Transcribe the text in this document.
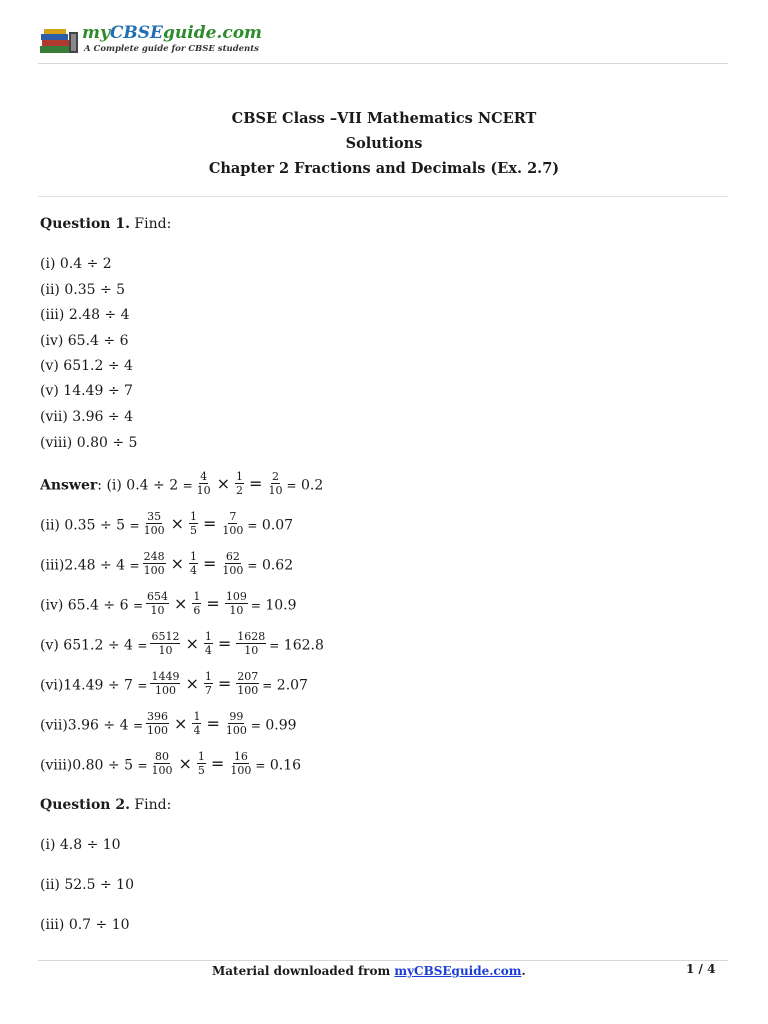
myCBSEguide.com
A Complete guide for CBSE students
CBSE Class –VII Mathematics NCERT
Solutions
Chapter 2 Fractions and Decimals (Ex. 2.7)
Question 1. Find:
(i) 0.4 ÷ 2
(ii) 0.35 ÷ 5
(iii) 2.48 ÷ 4
(iv) 65.4 ÷ 6
(v) 651.2 ÷ 4
(v) 14.49 ÷ 7
(vii) 3.96 ÷ 4
(viii) 0.80 ÷ 5
Answer: (i) $0.4 \div 2 = \frac{4}{10} \times \frac{1}{2} = \frac{2}{10} = 0.2$
(ii) $0.35 \div 5 = \frac{35}{100} \times \frac{1}{5} = \frac{7}{100} = 0.07$
$(iii)2.48 \div 4 = \frac{248}{100} \times \frac{1}{4} = \frac{62}{100} = 0.62$
(iv) $65.4 \div 6 = \frac{654}{10} \times \frac{1}{6} = \frac{109}{10} = 10.9$
(v) $651.2 \div 4 = \frac{6512}{10} \times \frac{1}{4} = \frac{1628}{10} = 162.8$
$(vi)14.49 \div 7 = \frac{1449}{100} \times \frac{1}{7} = \frac{207}{100} = 2.07$
$(vii)3.96 \div 4 = \frac{396}{100} \times \frac{1}{4} = \frac{99}{100} = 0.99$
(viii)0.80 ÷ $5 = \frac{80}{100} \times \frac{1}{5} = \frac{16}{100} = 0.16$
Question 2. Find:
(i) 4.8 ÷ 10
(ii) 52.5 ÷ 10
(iii) 0.7 ÷ 10
Material downloaded from myCBSEguide.com.	1 / 4
